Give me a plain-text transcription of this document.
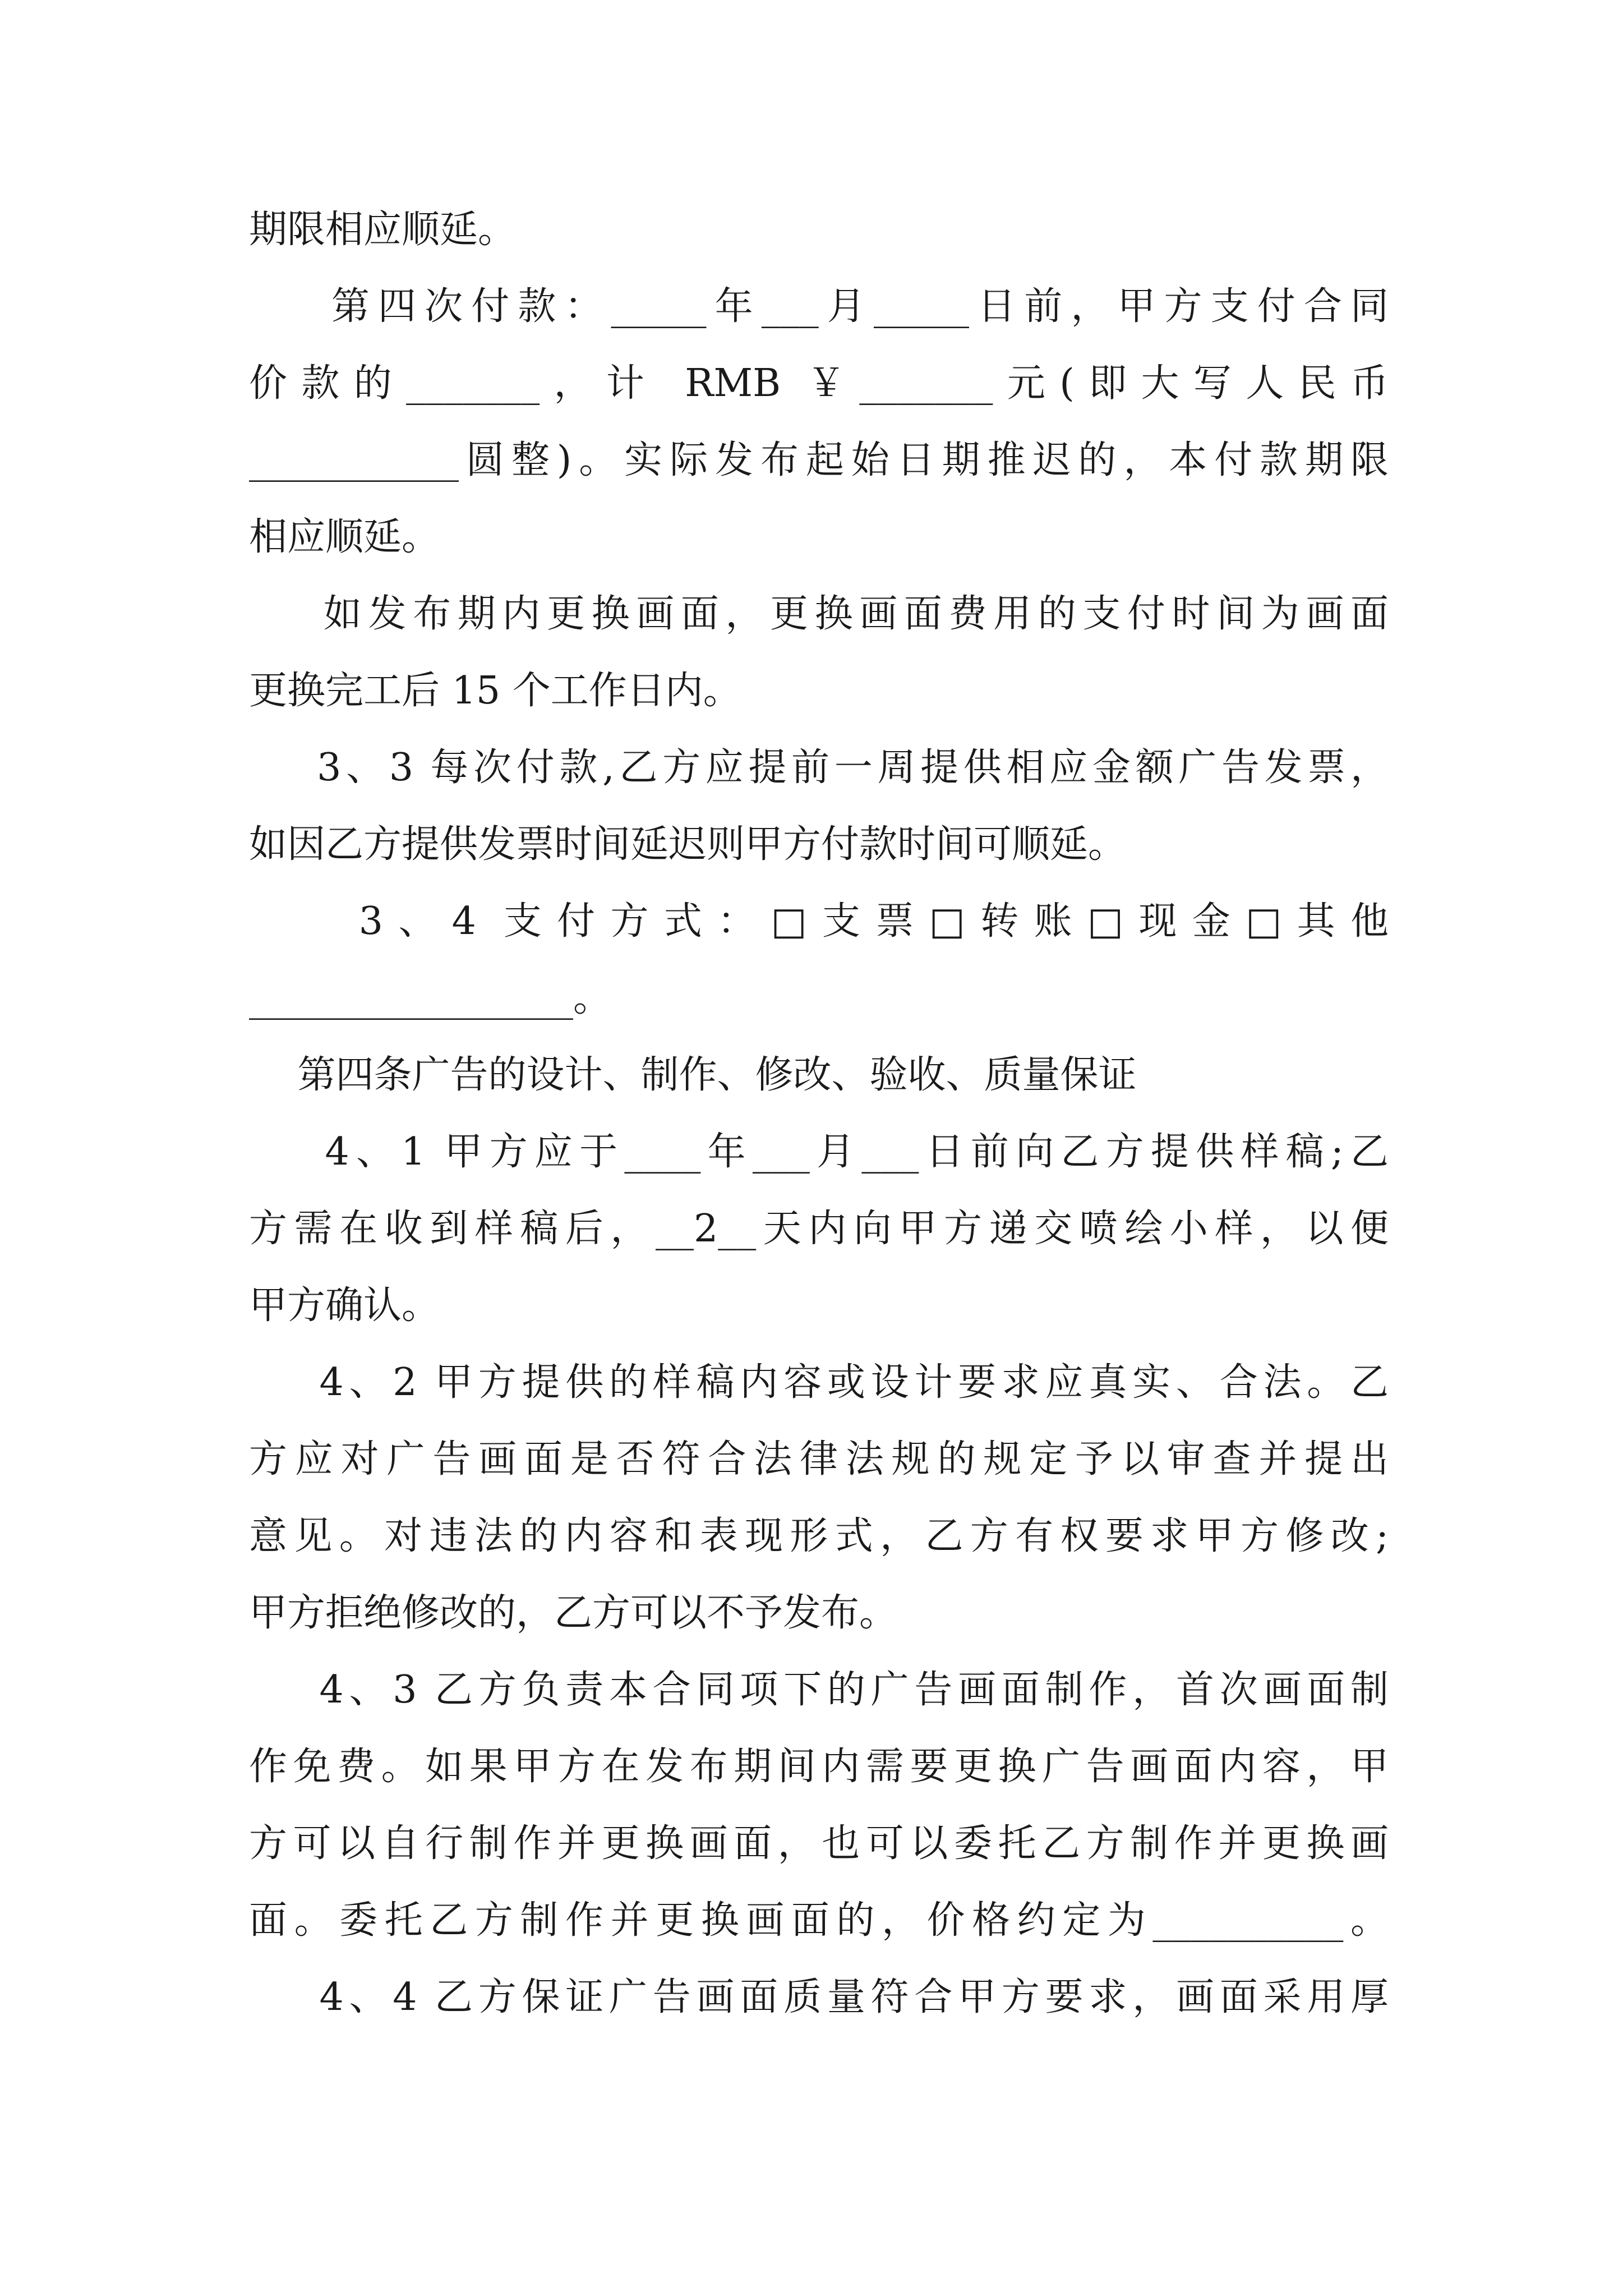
期限相应顺延。
第四次付款：_____年___月_____日前，甲方支付合同
价款的_______，计 RMB ￥_______元(即大写人民币
___________圆整)。实际发布起始日期推迟的，本付款期限
相应顺延。
如发布期内更换画面，更换画面费用的支付时间为画面
更换完工后 15 个工作日内。
3、3 每次付款,乙方应提前一周提供相应金额广告发票，
如因乙方提供发票时间延迟则甲方付款时间可顺延。
3、4 支付方式：□支票□转账□现金□其他
_________________。
第四条广告的设计、制作、修改、验收、质量保证
4、1 甲方应于____年___月___日前向乙方提供样稿;乙
方需在收到样稿后，__2__天内向甲方递交喷绘小样，以便
甲方确认。
4、2 甲方提供的样稿内容或设计要求应真实、合法。乙
方应对广告画面是否符合法律法规的规定予以审查并提出
意见。对违法的内容和表现形式，乙方有权要求甲方修改;
甲方拒绝修改的，乙方可以不予发布。
4、3 乙方负责本合同项下的广告画面制作，首次画面制
作免费。如果甲方在发布期间内需要更换广告画面内容，甲
方可以自行制作并更换画面，也可以委托乙方制作并更换画
面。委托乙方制作并更换画面的，价格约定为__________。
4、4 乙方保证广告画面质量符合甲方要求，画面采用厚
